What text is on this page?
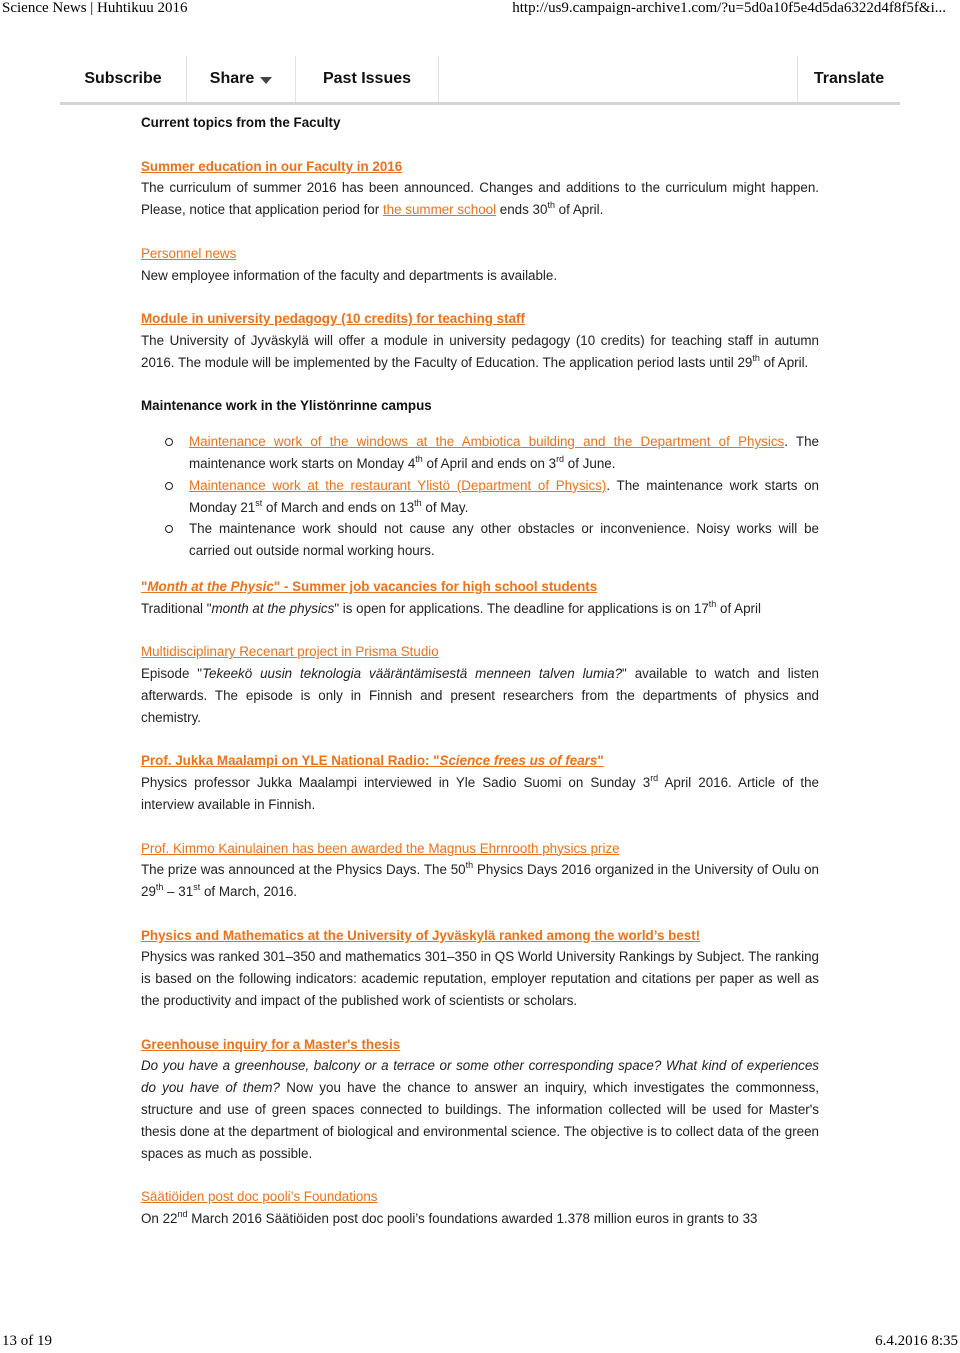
Science News | Huhtikuu 2016	http://us9.campaign-archive1.com/?u=5d0a10f5e4d5da6322d4f8f5f&i...
Subscribe	Share	Past Issues	Translate

Current topics from the Faculty

Summer education in our Faculty in 2016

The curriculum of summer 2016 has been announced. Changes and additions to the curriculum might happen. Please, notice that application period for the summer school ends 30th of April.

Personnel news

New employee information of the faculty and departments is available.

Module in university pedagogy (10 credits) for teaching staff

The University of Jyväskylä will offer a module in university pedagogy (10 credits) for teaching staff in autumn 2016. The module will be implemented by the Faculty of Education. The application period lasts until 29th of April.

Maintenance work in the Ylistönrinne campus

Maintenance work of the windows at the Ambiotica building and the Department of Physics. The maintenance work starts on Monday 4th of April and ends on 3rd of June.
Maintenance work at the restaurant Ylistö (Department of Physics). The maintenance work starts on Monday 21st of March and ends on 13th of May.
The maintenance work should not cause any other obstacles or inconvenience. Noisy works will be carried out outside normal working hours.

"Month at the Physic" - Summer job vacancies for high school students

Traditional "month at the physics" is open for applications. The deadline for applications is on 17th of April

Multidisciplinary Recenart project in Prisma Studio

Episode "Tekeekö uusin teknologia vääräntämisestä menneen talven lumia?" available to watch and listen afterwards. The episode is only in Finnish and present researchers from the departments of physics and chemistry.

Prof. Jukka Maalampi on YLE National Radio: "Science frees us of fears"

Physics professor Jukka Maalampi interviewed in Yle Sadio Suomi on Sunday 3rd April 2016. Article of the interview available in Finnish.

Prof. Kimmo Kainulainen has been awarded the Magnus Ehrnrooth physics prize

The prize was announced at the Physics Days. The 50th Physics Days 2016 organized in the University of Oulu on 29th – 31st of March, 2016.

Physics and Mathematics at the University of Jyväskylä ranked among the world’s best!

Physics was ranked 301–350 and mathematics 301–350 in QS World University Rankings by Subject. The ranking is based on the following indicators: academic reputation, employer reputation and citations per paper as well as the productivity and impact of the published work of scientists or scholars.

Greenhouse inquiry for a Master's thesis

Do you have a greenhouse, balcony or a terrace or some other corresponding space? What kind of experiences do you have of them? Now you have the chance to answer an inquiry, which investigates the commonness, structure and use of green spaces connected to buildings. The information collected will be used for Master's thesis done at the department of biological and environmental science. The objective is to collect data of the green spaces as much as possible.

Säätiöiden post doc pooli’s Foundations

On 22nd March 2016 Säätiöiden post doc pooli’s foundations awarded 1.378 million euros in grants to 33

13 of 19	6.4.2016 8:35
